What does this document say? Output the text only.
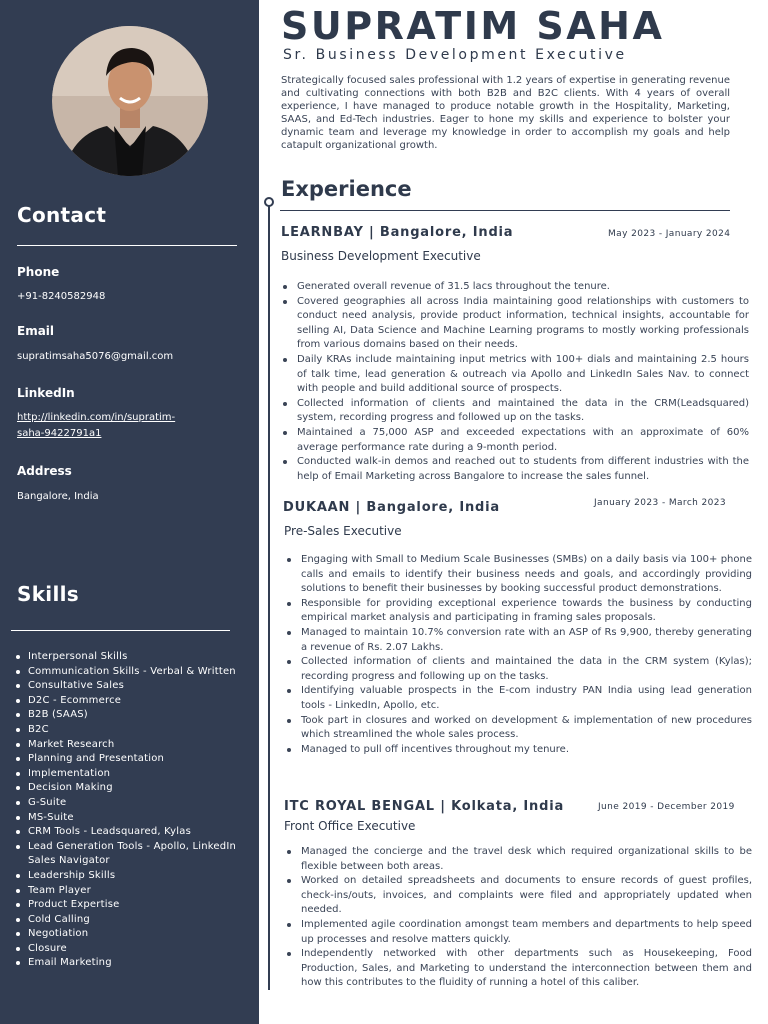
Contact
Phone
+91-8240582948
Email
supratimsaha5076@gmail.com
LinkedIn
http://linkedin.com/in/supratim-
saha-9422791a1
Address
Bangalore, India
Skills
Interpersonal Skills
Communication Skills - Verbal & Written
Consultative Sales
D2C - Ecommerce
B2B (SAAS)
B2C
Market Research
Planning and Presentation
Implementation
Decision Making
G-Suite
MS-Suite
CRM Tools - Leadsquared, Kylas
Lead Generation Tools - Apollo, LinkedIn Sales Navigator
Leadership Skills
Team Player
Product Expertise
Cold Calling
Negotiation
Closure
Email Marketing
SUPRATIM SAHA
Sr. Business Development Executive
Strategically focused sales professional with 1.2 years of expertise in generating revenue and cultivating connections with both B2B and B2C clients. With 4 years of overall experience, I have managed to produce notable growth in the Hospitality, Marketing, SAAS, and Ed-Tech industries. Eager to hone my skills and experience to bolster your dynamic team and leverage my knowledge in order to accomplish my goals and help catapult organizational growth.
Experience
LEARNBAY | Bangalore, India	May 2023 - January 2024
Business Development Executive
Generated overall revenue of 31.5 lacs throughout the tenure.
Covered geographies all across India maintaining good relationships with customers to conduct need analysis, provide product information, technical insights, accountable for selling AI, Data Science and Machine Learning programs to mostly working professionals from various domains based on their needs.
Daily KRAs include maintaining input metrics with 100+ dials and maintaining 2.5 hours of talk time, lead generation & outreach via Apollo and LinkedIn Sales Nav. to connect with people and build additional source of prospects.
Collected information of clients and maintained the data in the CRM(Leadsquared) system, recording progress and followed up on the tasks.
Maintained a 75,000 ASP and exceeded expectations with an approximate of 60% average performance rate during a 9-month period.
Conducted walk-in demos and reached out to students from different industries with the help of Email Marketing across Bangalore to increase the sales funnel.
DUKAAN | Bangalore, India	January 2023 - March 2023
Pre-Sales Executive
Engaging with Small to Medium Scale Businesses (SMBs) on a daily basis via 100+ phone calls and emails to identify their business needs and goals, and accordingly providing solutions to benefit their businesses by booking successful product demonstrations.
Responsible for providing exceptional experience towards the business by conducting empirical market analysis and participating in framing sales proposals.
Managed to maintain 10.7% conversion rate with an ASP of Rs 9,900, thereby generating a revenue of Rs. 2.07 Lakhs.
Collected information of clients and maintained the data in the CRM system (Kylas); recording progress and following up on the tasks.
Identifying valuable prospects in the E-com industry PAN India using lead generation tools - LinkedIn, Apollo, etc.
Took part in closures and worked on development & implementation of new procedures which streamlined the whole sales process.
Managed to pull off incentives throughout my tenure.
ITC ROYAL BENGAL | Kolkata, India	June 2019 - December 2019
Front Office Executive
Managed the concierge and the travel desk which required organizational skills to be flexible between both areas.
Worked on detailed spreadsheets and documents to ensure records of guest profiles, check-ins/outs, invoices, and complaints were filed and appropriately updated when needed.
Implemented agile coordination amongst team members and departments to help speed up processes and resolve matters quickly.
Independently networked with other departments such as Housekeeping, Food Production, Sales, and Marketing to understand the interconnection between them and how this contributes to the fluidity of running a hotel of this caliber.
